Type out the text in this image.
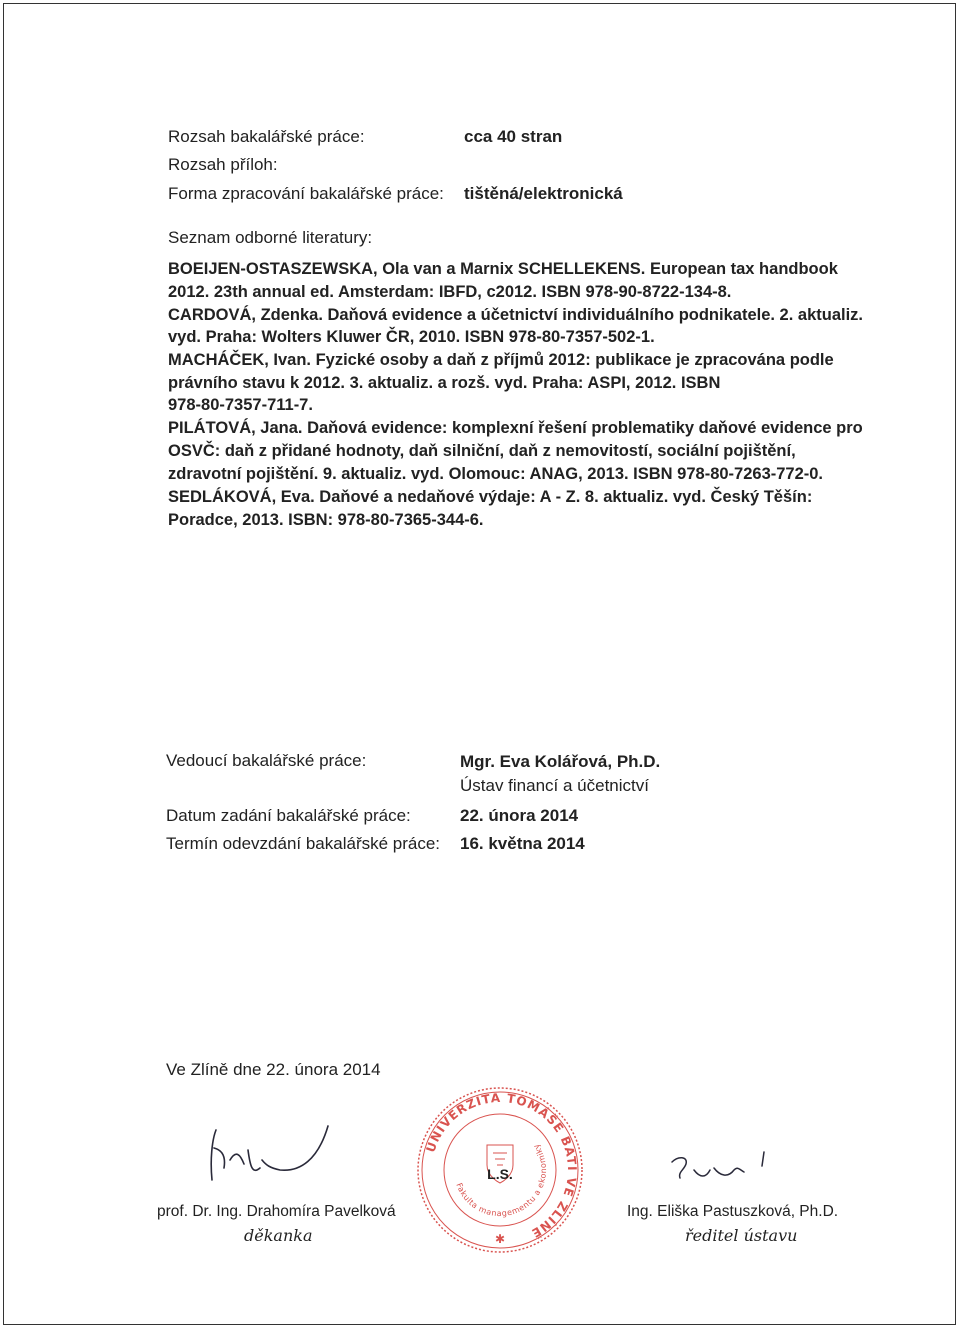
Rozsah bakalářské práce:	cca 40 stran
Rozsah příloh:
Forma zpracování bakalářské práce: tištěná/elektronická
Seznam odborné literatury:
BOEIJEN-OSTASZEWSKA, Ola van a Marnix SCHELLEKENS. European tax handbook
2012. 23th annual ed. Amsterdam: IBFD, c2012. ISBN 978-90-8722-134-8.
CARDOVÁ, Zdenka. Daňová evidence a účetnictví individuálního podnikatele. 2. aktualiz.
vyd. Praha: Wolters Kluwer ČR, 2010. ISBN 978-80-7357-502-1.
MACHÁČEK, Ivan. Fyzické osoby a daň z příjmů 2012: publikace je zpracována podle
právního stavu k 2012. 3. aktualiz. a rozš. vyd. Praha: ASPI, 2012. ISBN
978-80-7357-711-7.
PILÁTOVÁ, Jana. Daňová evidence: komplexní řešení problematiky daňové evidence pro
OSVČ: daň z přidané hodnoty, daň silniční, daň z nemovitostí, sociální pojištění,
zdravotní pojištění. 9. aktualiz. vyd. Olomouc: ANAG, 2013. ISBN 978-80-7263-772-0.
SEDLÁKOVÁ, Eva. Daňové a nedaňové výdaje: A - Z. 8. aktualiz. vyd. Český Těšín:
Poradce, 2013. ISBN: 978-80-7365-344-6.
Vedoucí bakalářské práce:	Mgr. Eva Kolářová, Ph.D.
Ústav financí a účetnictví
Datum zadání bakalářské práce:	22. února 2014
Termín odevzdání bakalářské práce: 16. května 2014
Ve Zlíně dne 22. února 2014
UNIVERZITA TOMÁŠE BATI VE ZLÍNĚ
Fakulta managementu a ekonomiky
L.S.
✱
prof. Dr. Ing. Drahomíra Pavelková
děkanka
Ing. Eliška Pastuszková, Ph.D.
ředitel ústavu
